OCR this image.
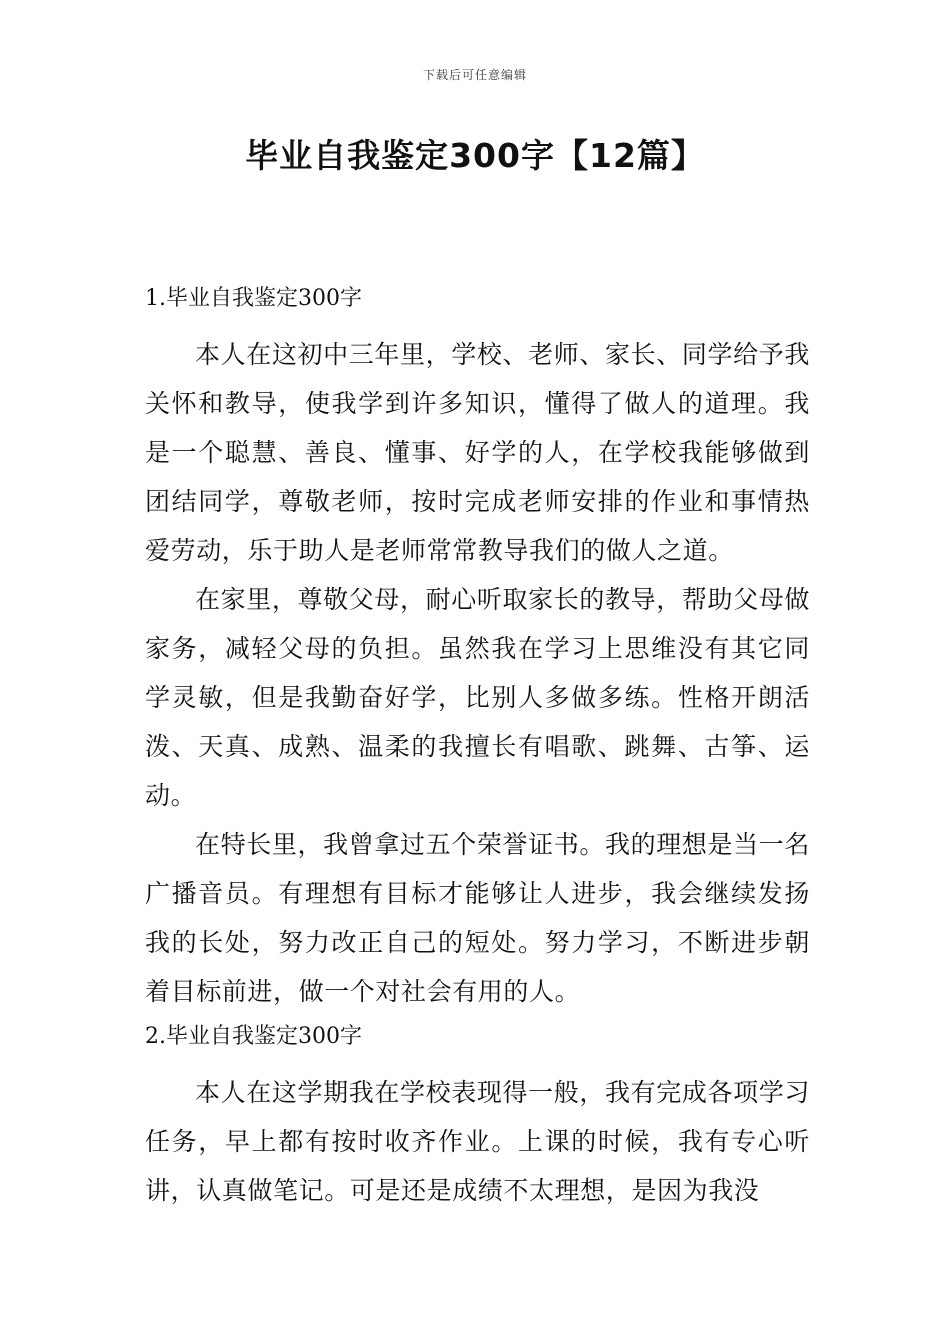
下载后可任意编辑
毕业自我鉴定300字【12篇】
1.毕业自我鉴定300字

本人在这初中三年里，学校、老师、家长、同学给予我关怀和教导，使我学到许多知识，懂得了做人的道理。我是一个聪慧、善良、懂事、好学的人，在学校我能够做到团结同学，尊敬老师，按时完成老师安排的作业和事情热爱劳动，乐于助人是老师常常教导我们的做人之道。

在家里，尊敬父母，耐心听取家长的教导，帮助父母做家务，减轻父母的负担。虽然我在学习上思维没有其它同学灵敏，但是我勤奋好学，比别人多做多练。性格开朗活泼、天真、成熟、温柔的我擅长有唱歌、跳舞、古筝、运动。

在特长里，我曾拿过五个荣誉证书。我的理想是当一名广播音员。有理想有目标才能够让人进步，我会继续发扬我的长处，努力改正自己的短处。努力学习，不断进步朝着目标前进，做一个对社会有用的人。

2.毕业自我鉴定300字

本人在这学期我在学校表现得一般，我有完成各项学习任务，早上都有按时收齐作业。上课的时候，我有专心听讲，认真做笔记。可是还是成绩不太理想，是因为我没
